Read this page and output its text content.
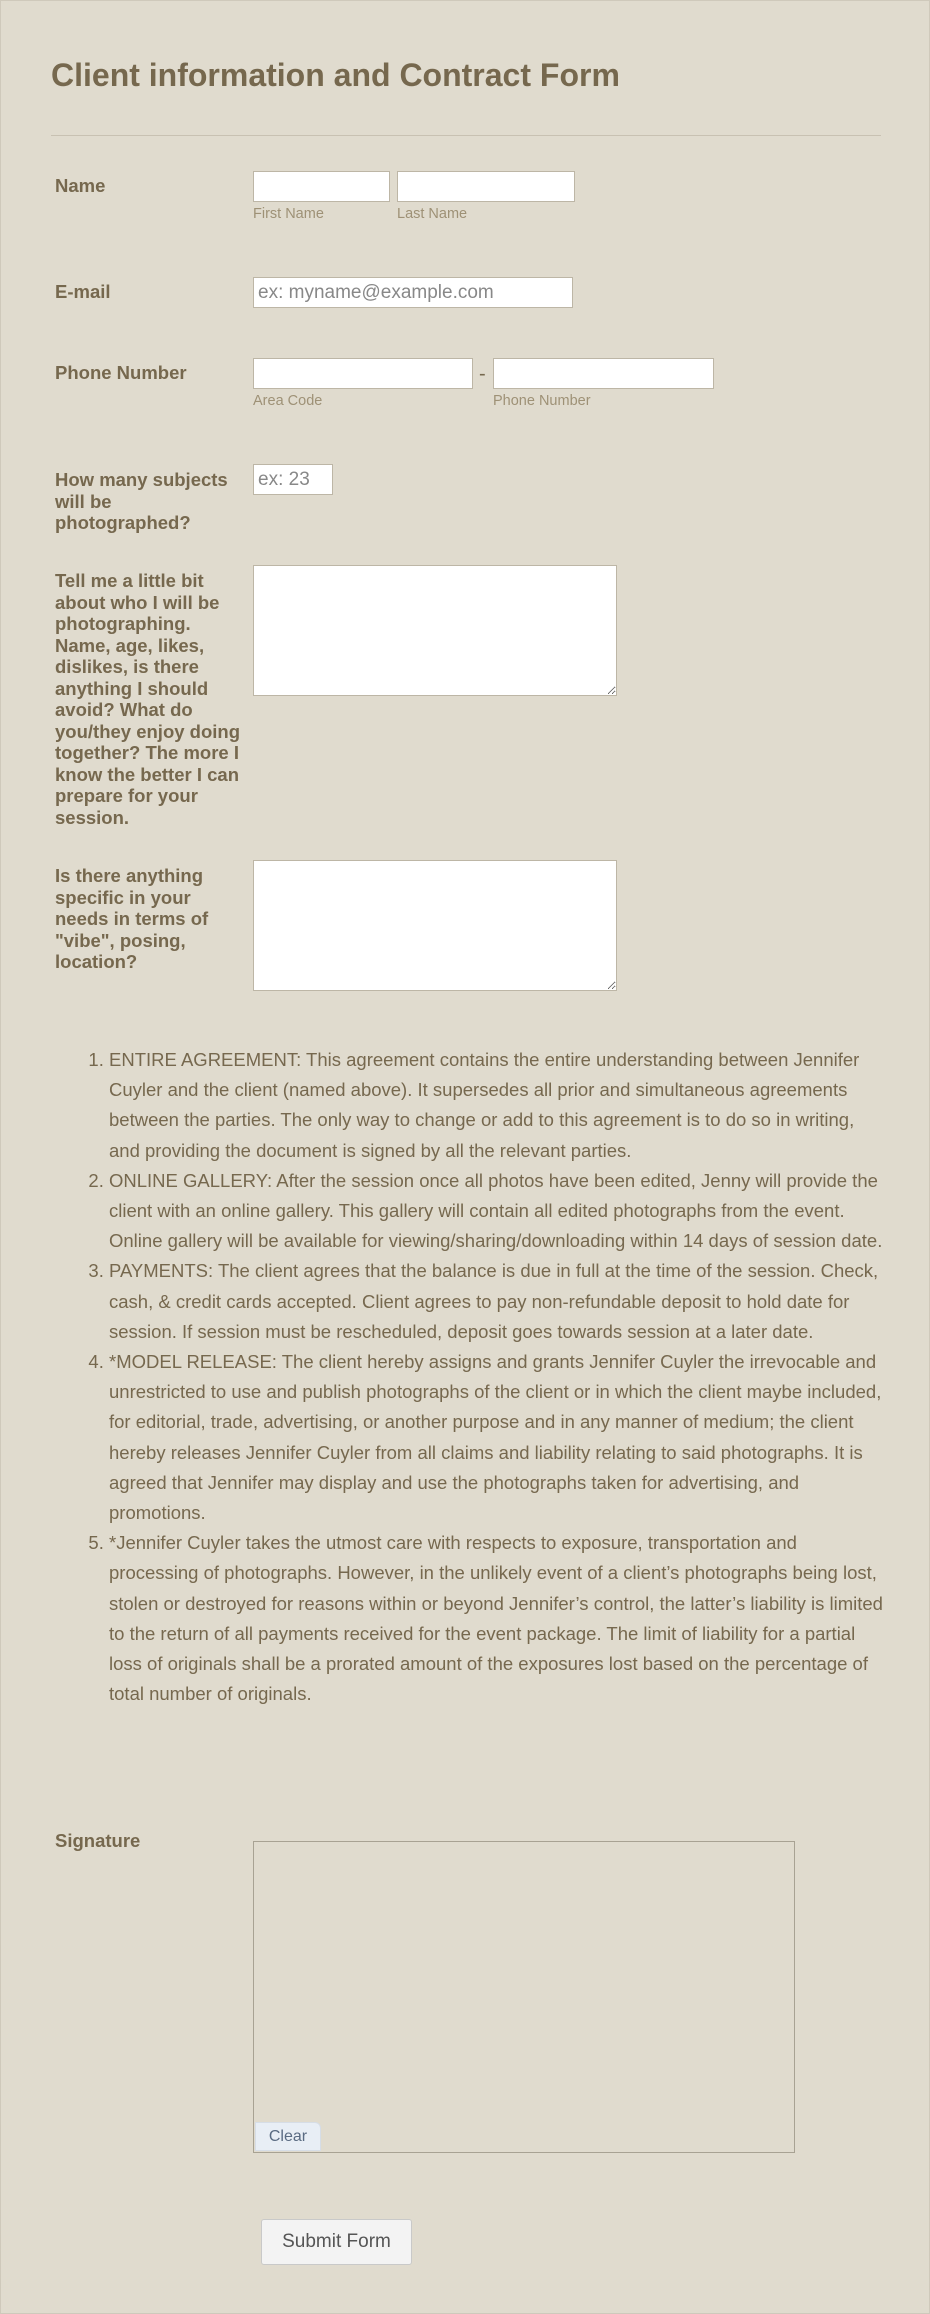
Client information and Contract Form
Name
First Name	Last Name
E-mail
ex: myname@example.com
Phone Number
Area Code
-
Phone Number
How many subjects will be photographed?
ex: 23
Tell me a little bit about who I will be photographing. Name, age, likes, dislikes, is there anything I should avoid? What do you/they enjoy doing together? The more I know the better I can prepare for your session.
Is there anything specific in your needs in terms of "vibe", posing, location?
1. ENTIRE AGREEMENT: This agreement contains the entire understanding between Jennifer Cuyler and the client (named above). It supersedes all prior and simultaneous agreements between the parties. The only way to change or add to this agreement is to do so in writing, and providing the document is signed by all the relevant parties.
2. ONLINE GALLERY: After the session once all photos have been edited, Jenny will provide the client with an online gallery. This gallery will contain all edited photographs from the event. Online gallery will be available for viewing/sharing/downloading within 14 days of session date.
3. PAYMENTS: The client agrees that the balance is due in full at the time of the session. Check, cash, & credit cards accepted. Client agrees to pay non-refundable deposit to hold date for session. If session must be rescheduled, deposit goes towards session at a later date.
4. *MODEL RELEASE: The client hereby assigns and grants Jennifer Cuyler the irrevocable and unrestricted to use and publish photographs of the client or in which the client maybe included, for editorial, trade, advertising, or another purpose and in any manner of medium; the client hereby releases Jennifer Cuyler from all claims and liability relating to said photographs. It is agreed that Jennifer may display and use the photographs taken for advertising, and promotions.
5. *Jennifer Cuyler takes the utmost care with respects to exposure, transportation and processing of photographs. However, in the unlikely event of a client’s photographs being lost, stolen or destroyed for reasons within or beyond Jennifer’s control, the latter’s liability is limited to the return of all payments received for the event package. The limit of liability for a partial loss of originals shall be a prorated amount of the exposures lost based on the percentage of total number of originals.
Signature
Clear
Submit Form
